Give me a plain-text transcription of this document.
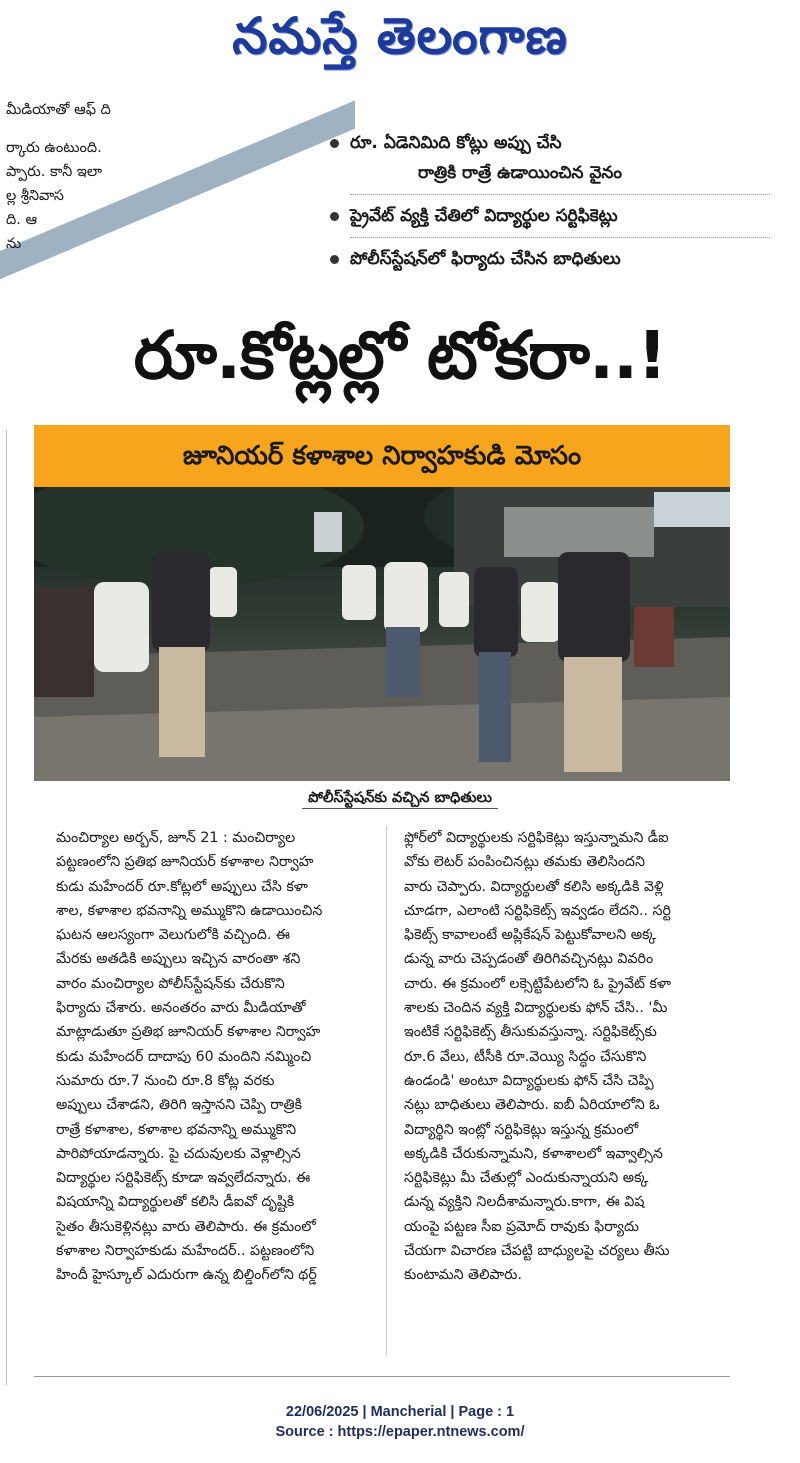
నమస్తే తెలంగాణ
మీడియాతో ఆఫ్ ది
ర్కారు ఉంటుంది.
ప్పారు. కానీ ఇలా
ల్ల శ్రీనివాస
ది. ఆ
ను
రూ. ఏడెనిమిది కోట్లు అప్పు చేసి
రాత్రికి రాత్రే ఉడాయించిన వైనం
ప్రైవేట్ వ్యక్తి చేతిలో విద్యార్థుల సర్టిఫికెట్లు
పోలీస్‌స్టేషన్‌లో ఫిర్యాదు చేసిన బాధితులు
రూ.కోట్లల్లో టోకరా..!
జూనియర్ కళాశాల నిర్వాహకుడి మోసం
పోలీస్‌స్టేషన్‌కు వచ్చిన బాధితులు
మంచిర్యాల అర్బన్, జూన్ 21 : మంచిర్యాల
పట్టణంలోని ప్రతిభ జూనియర్ కళాశాల నిర్వాహ
కుడు మహేందర్ రూ.కోట్లలో అప్పులు చేసి కళా
శాల, కళాశాల భవనాన్ని అమ్ముకొని ఉడాయించిన
ఘటన ఆలస్యంగా వెలుగులోకి వచ్చింది. ఈ
మేరకు అతడికి అప్పులు ఇచ్చిన వారంతా శని
వారం మంచిర్యాల పోలీస్‌స్టేషన్‌కు చేరుకొని
ఫిర్యాదు చేశారు. అనంతరం వారు మీడియాతో
మాట్లాడుతూ ప్రతిభ జూనియర్ కళాశాల నిర్వాహ
కుడు మహేందర్ దాదాపు 60 మందిని నమ్మించి
సుమారు రూ.7 నుంచి రూ.8 కోట్ల వరకు
అప్పులు చేశాడని, తిరిగి ఇస్తానని చెప్పి రాత్రికి
రాత్రే కళాశాల, కళాశాల భవనాన్ని అమ్ముకొని
పారిపోయాడన్నారు. పై చదువులకు వెళ్లాల్సిన
విద్యార్థుల సర్టిఫికెట్స్ కూడా ఇవ్వలేదన్నారు. ఈ
విషయాన్ని విద్యార్థులతో కలిసి డీఐవో దృష్టికి
సైతం తీసుకెళ్లినట్లు వారు తెలిపారు. ఈ క్రమంలో
కళాశాల నిర్వాహకుడు మహేందర్.. పట్టణంలోని
హిందీ హైస్కూల్ ఎదురుగా ఉన్న బిల్డింగ్‌లోని థర్డ్
ఫ్లోర్‌లో విద్యార్థులకు సర్టిఫికెట్లు ఇస్తున్నామని డీఐ
వోకు లెటర్ పంపించినట్లు తమకు తెలిసిందని
వారు చెప్పారు. విద్యార్థులతో కలిసి అక్కడికి వెళ్లి
చూడగా, ఎలాంటి సర్టిఫికెట్స్ ఇవ్వడం లేదని.. సర్టి
ఫికెట్స్ కావాలంటే అప్లికేషన్ పెట్టుకోవాలని అక్క
డున్న వారు చెప్పడంతో తిరిగివచ్చినట్లు వివరిం
చారు. ఈ క్రమంలో లక్సెట్టిపేటలోని ఓ ప్రైవేట్ కళా
శాలకు చెందిన వ్యక్తి విద్యార్థులకు ఫోన్ చేసి.. 'మీ
ఇంటికే సర్టిఫికెట్స్ తీసుకువస్తున్నా. సర్టిఫికెట్స్‌కు
రూ.6 వేలు, టీసీకి రూ.వెయ్యి సిద్ధం చేసుకొని
ఉండండి' అంటూ విద్యార్థులకు ఫోన్ చేసి చెప్పి
నట్లు బాధితులు తెలిపారు. ఐబీ ఏరియాలోని ఓ
విద్యార్థిని ఇంట్లో సర్టిఫికెట్లు ఇస్తున్న క్రమంలో
అక్కడికి చేరుకున్నామని, కళాశాలలో ఇవ్వాల్సిన
సర్టిఫికెట్లు మీ చేతుల్లో ఎందుకున్నాయని అక్క
డున్న వ్యక్తిని నిలదీశామన్నారు.కాగా, ఈ విష
యంపై పట్టణ సీఐ ప్రమోద్ రావుకు ఫిర్యాదు
చేయగా విచారణ చేపట్టి బాధ్యులపై చర్యలు తీసు
కుంటామని తెలిపారు.
22/06/2025 | Mancherial | Page : 1
Source : https://epaper.ntnews.com/
